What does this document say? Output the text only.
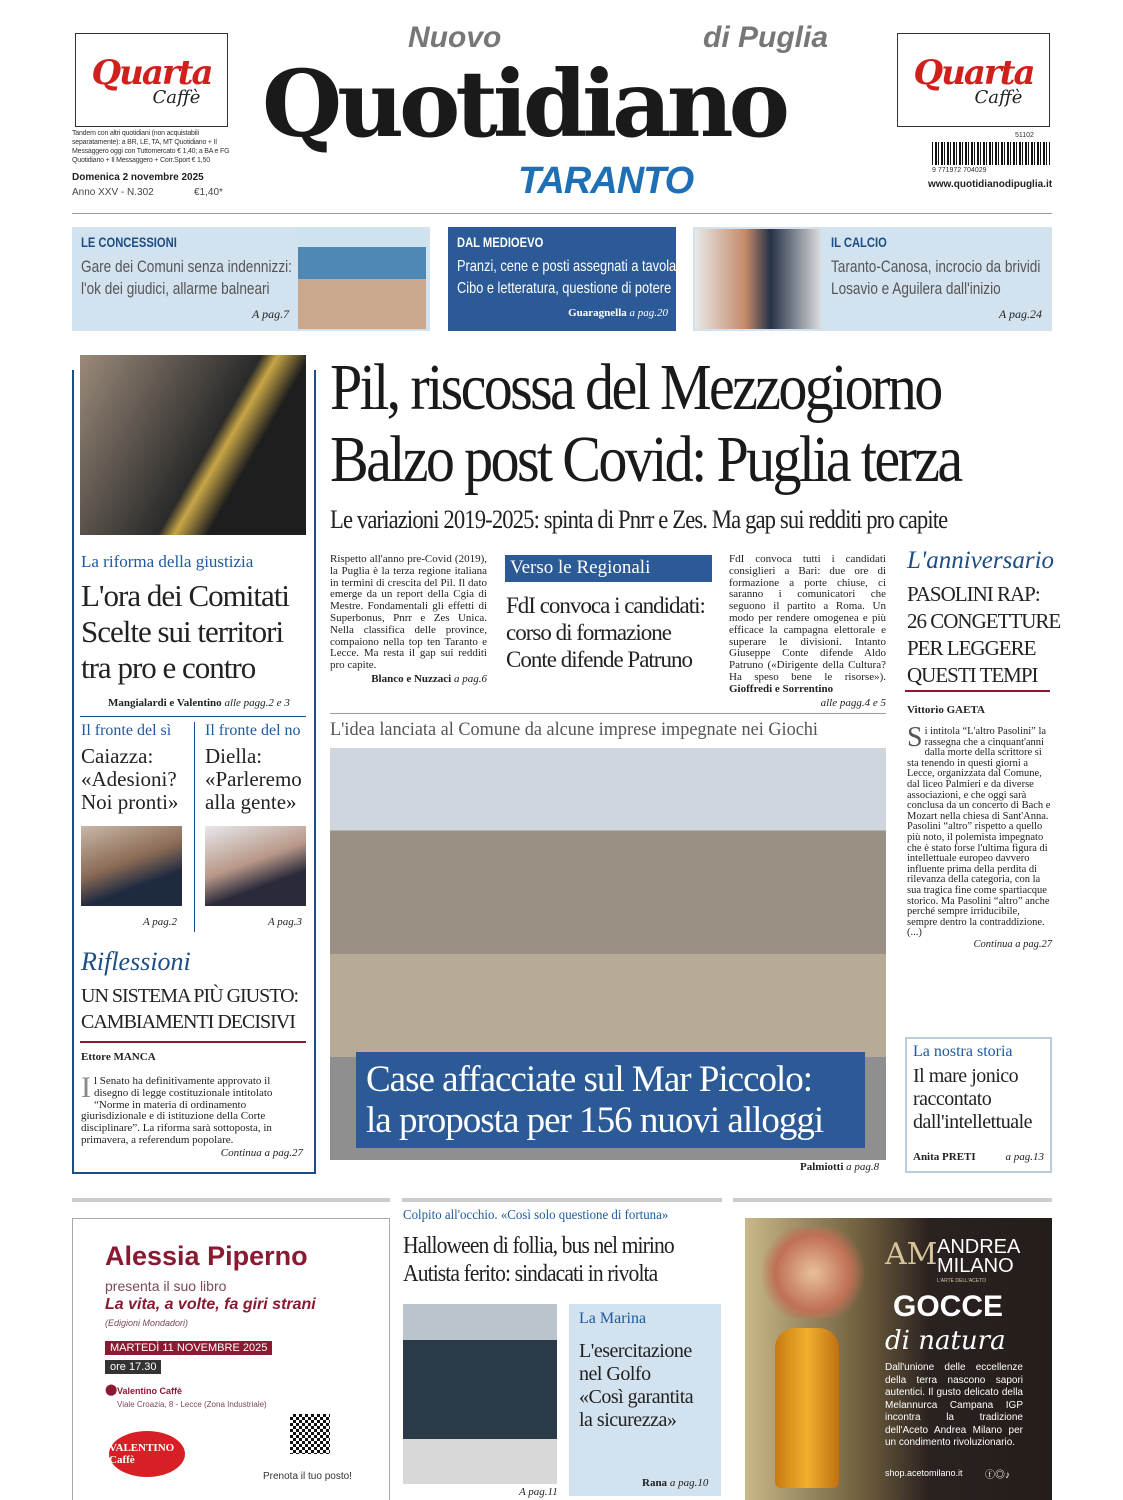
Quarta
Caffè
Quarta
Caffè
Tandem con altri quotidiani (non acquistabili separatamente): a BR, LE, TA, MT Quotidiano + Il Messaggero oggi con Tuttomercato € 1,40; a BA e FG Quotidiano + Il Messaggero + Corr.Sport € 1,50
Domenica 2 novembre 2025
Anno XXV - N.302	€1,40*
Nuovo	di Puglia
Quotidiano
TARANTO
51102
9 771972 704029
www.quotidianodipuglia.it
LE CONCESSIONI
Gare dei Comuni senza indennizzi:
l'ok dei giudici, allarme balneari
A pag.7
DAL MEDIOEVO
Pranzi, cene e posti assegnati a tavola
Cibo e letteratura, questione di potere
Guaragnella a pag.20
IL CALCIO
Taranto-Canosa, incrocio da brividi
Losavio e Aguilera dall'inizio
A pag.24
La riforma della giustizia
L'ora dei Comitati
Scelte sui territori
tra pro e contro
Mangialardi e Valentino alle pagg.2 e 3
Il fronte del sì
Caiazza:
«Adesioni?
Noi pronti»
A pag.2
Il fronte del no
Diella:
«Parleremo
alla gente»
A pag.3
Riflessioni
UN SISTEMA PIÙ GIUSTO:
CAMBIAMENTI DECISIVI
Ettore MANCA
Il Senato ha definitivamente approvato il disegno di legge costituzionale intitolato “Norme in materia di ordinamento giurisdizionale e di istituzione della Corte disciplinare”. La riforma sarà sottoposta, in primavera, a referendum popolare.
Continua a pag.27
Pil, riscossa del Mezzogiorno
Balzo post Covid: Puglia terza
Le variazioni 2019-2025: spinta di Pnrr e Zes. Ma gap sui redditi pro capite
Rispetto all'anno pre-Covid (2019), la Puglia è la terza regione italiana in termini di crescita del Pil. Il dato emerge da un report della Cgia di Mestre. Fondamentali gli effetti di Superbonus, Pnrr e Zes Unica. Nella classifica delle province, compaiono nella top ten Taranto e Lecce. Ma resta il gap sui redditi pro capite.
Blanco e Nuzzaci a pag.6
Verso le Regionali
FdI convoca i candidati:
corso di formazione
Conte difende Patruno
FdI convoca tutti i candidati consiglieri a Bari: due ore di formazione a porte chiuse, ci saranno i comunicatori che seguono il partito a Roma. Un modo per rendere omogenea e più efficace la campagna elettorale e superare le divisioni. Intanto Giuseppe Conte difende Aldo Patruno («Dirigente della Cultura? Ha speso bene le risorse»). Gioffredi e Sorrentino
alle pagg.4 e 5
L'idea lanciata al Comune da alcune imprese impegnate nei Giochi
Case affacciate sul Mar Piccolo:
la proposta per 156 nuovi alloggi
Palmiotti a pag.8
L'anniversario
PASOLINI RAP:
26 CONGETTURE
PER LEGGERE
QUESTI TEMPI
Vittorio GAETA
Si intitola “L'altro Pasolini” la rassegna che a cinquant'anni dalla morte della scrittore si sta tenendo in questi giorni a Lecce, organizzata dal Comune, dal liceo Palmieri e da diverse associazioni, e che oggi sarà conclusa da un concerto di Bach e Mozart nella chiesa di Sant'Anna. Pasolini “altro” rispetto a quello più noto, il polemista impegnato che è stato forse l'ultima figura di intellettuale europeo davvero influente prima della perdita di rilevanza della categoria, con la sua tragica fine come spartiacque storico. Ma Pasolini “altro” anche perché sempre irriducibile, sempre dentro la contraddizione. (...)
Continua a pag.27
La nostra storia
Il mare jonico
raccontato
dall'intellettuale
Anita PRETI	a pag.13
Alessia Piperno
presenta il suo libro
La vita, a volte, fa giri strani
(Edigioni Mondadori)
MARTEDÌ 11 NOVEMBRE 2025
ore 17.30
⬤ Valentino Caffè
Viale Croazia, 8 - Lecce (Zona Industriale)
VALENTINO Caffè
Prenota il tuo posto!
Colpito all'occhio. «Così solo questione di fortuna»
Halloween di follia, bus nel mirino
Autista ferito: sindacati in rivolta
A pag.11
La Marina
L'esercitazione
nel Golfo
«Così garantita
la sicurezza»
Rana a pag.10
AM ANDREA
MILANO
L'ARTE DELL'ACETO
GOCCE
di natura
Dall'unione delle eccellenze della terra nascono sapori autentici. Il gusto delicato della Melannurca Campana IGP incontra la tradizione dell'Aceto Andrea Milano per un condimento rivoluzionario.
shop.acetomilano.it ⓕ◎♪
